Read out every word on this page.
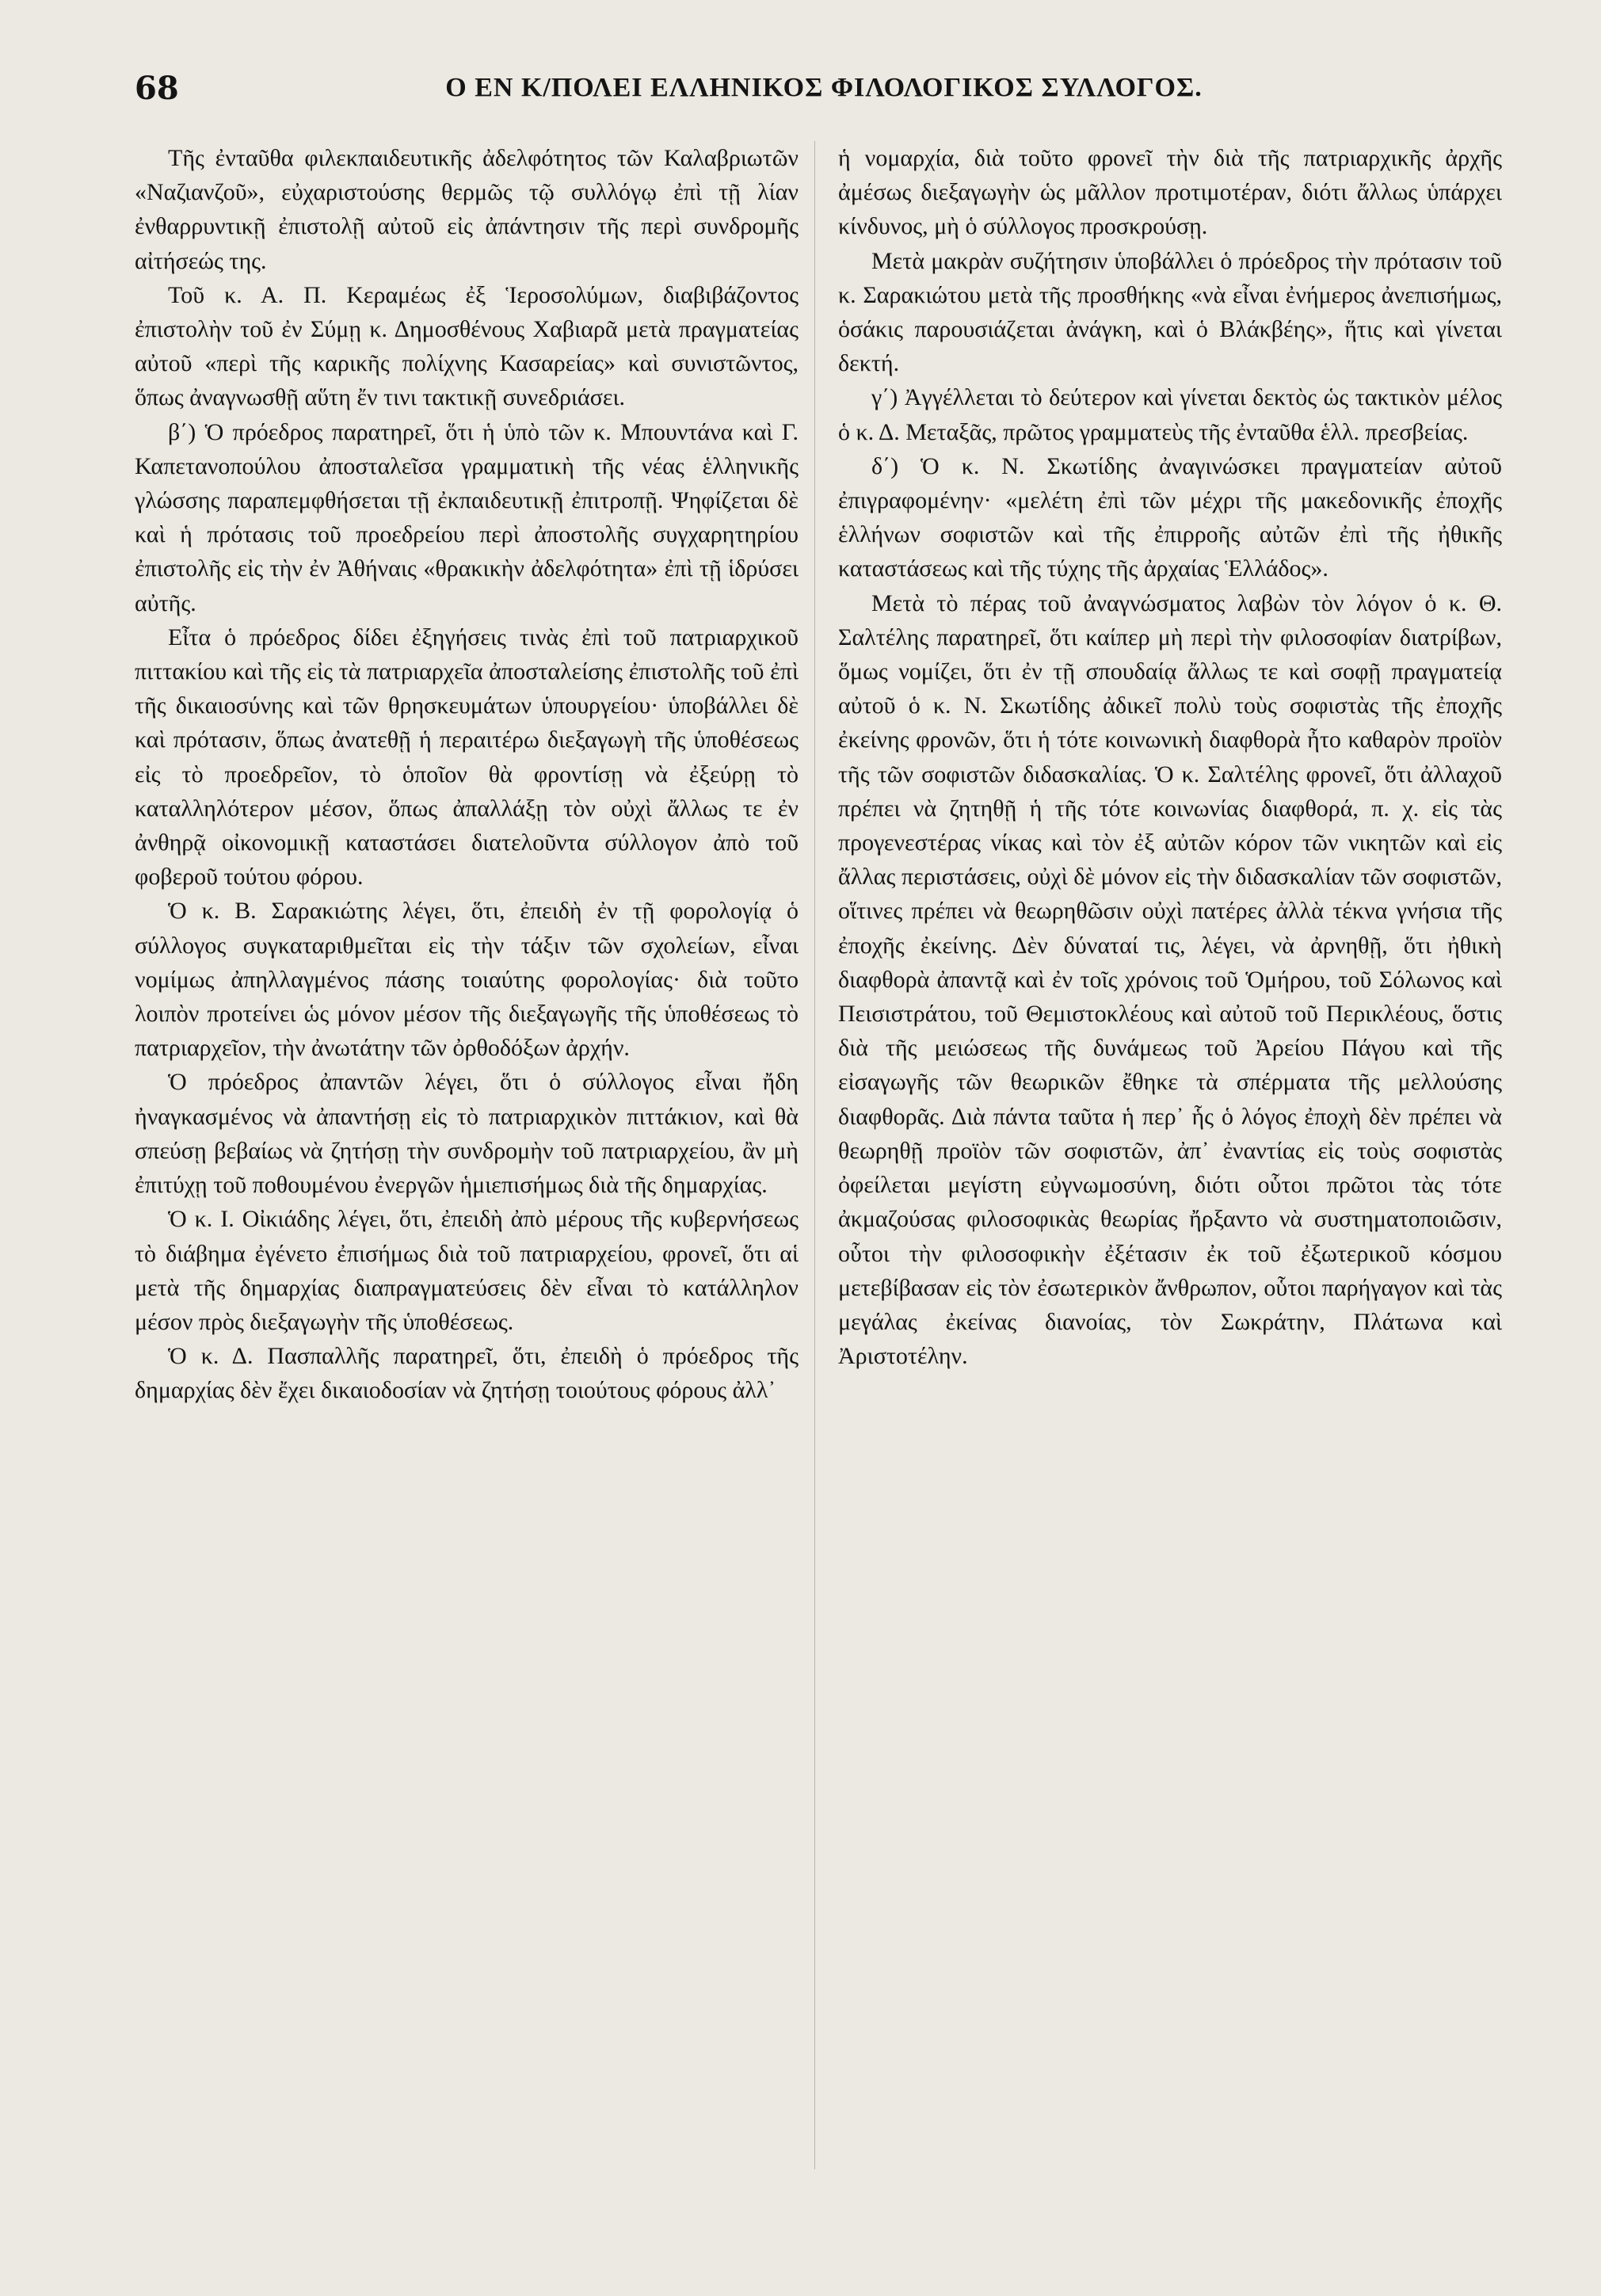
68	Ο ΕΝ Κ/ΠΟΛΕΙ ΕΛΛΗΝΙΚΟΣ ΦΙΛΟΛΟΓΙΚΟΣ ΣΥΛΛΟΓΟΣ.

Τῆς ἐνταῦθα φιλεκπαιδευτικῆς ἀδελφότητος τῶν Καλαβριωτῶν «Ναζιανζοῦ», εὐχαριστούσης θερμῶς τῷ συλλόγῳ ἐπὶ τῇ λίαν ἐνθαρρυντικῇ ἐπιστολῇ αὐτοῦ εἰς ἀπάντησιν τῆς περὶ συνδρομῆς αἰτήσεώς της.

Τοῦ κ. Α. Π. Κεραμέως ἐξ Ἱεροσολύμων, διαβιβάζοντος ἐπιστολὴν τοῦ ἐν Σύμῃ κ. Δημοσθένους Χαβιαρᾶ μετὰ πραγματείας αὐτοῦ «περὶ τῆς καρικῆς πολίχνης Κασαρείας» καὶ συνιστῶντος, ὅπως ἀναγνωσθῇ αὕτη ἔν τινι τακτικῇ συνεδριάσει.

β΄) Ὁ πρόεδρος παρατηρεῖ, ὅτι ἡ ὑπὸ τῶν κ. Μπουντάνα καὶ Γ. Καπετανοπούλου ἀποσταλεῖσα γραμματικὴ τῆς νέας ἑλληνικῆς γλώσσης παραπεμφθήσεται τῇ ἐκπαιδευτικῇ ἐπιτροπῇ. Ψηφίζεται δὲ καὶ ἡ πρότασις τοῦ προεδρείου περὶ ἀποστολῆς συγχαρητηρίου ἐπιστολῆς εἰς τὴν ἐν Ἀθήναις «θρακικὴν ἀδελφότητα» ἐπὶ τῇ ἱδρύσει αὐτῆς.

Εἶτα ὁ πρόεδρος δίδει ἐξηγήσεις τινὰς ἐπὶ τοῦ πατριαρχικοῦ πιττακίου καὶ τῆς εἰς τὰ πατριαρχεῖα ἀποσταλείσης ἐπιστολῆς τοῦ ἐπὶ τῆς δικαιοσύνης καὶ τῶν θρησκευμάτων ὑπουργείου· ὑποβάλλει δὲ καὶ πρότασιν, ὅπως ἀνατεθῇ ἡ περαιτέρω διεξαγωγὴ τῆς ὑποθέσεως εἰς τὸ προεδρεῖον, τὸ ὁποῖον θὰ φροντίσῃ νὰ ἐξεύρῃ τὸ καταλληλότερον μέσον, ὅπως ἀπαλλάξῃ τὸν οὐχὶ ἄλλως τε ἐν ἀνθηρᾷ οἰκονομικῇ καταστάσει διατελοῦντα σύλλογον ἀπὸ τοῦ φοβεροῦ τούτου φόρου.

Ὁ κ. Β. Σαρακιώτης λέγει, ὅτι, ἐπειδὴ ἐν τῇ φορολογίᾳ ὁ σύλλογος συγκαταριθμεῖται εἰς τὴν τάξιν τῶν σχολείων, εἶναι νομίμως ἀπηλλαγμένος πάσης τοιαύτης φορολογίας· διὰ τοῦτο λοιπὸν προτείνει ὡς μόνον μέσον τῆς διεξαγωγῆς τῆς ὑποθέσεως τὸ πατριαρχεῖον, τὴν ἀνωτάτην τῶν ὀρθοδόξων ἀρχήν.

Ὁ πρόεδρος ἀπαντῶν λέγει, ὅτι ὁ σύλλογος εἶναι ἤδη ἠναγκασμένος νὰ ἀπαντήσῃ εἰς τὸ πατριαρχικὸν πιττάκιον, καὶ θὰ σπεύσῃ βεβαίως νὰ ζητήσῃ τὴν συνδρομὴν τοῦ πατριαρχείου, ἂν μὴ ἐπιτύχῃ τοῦ ποθουμένου ἐνεργῶν ἡμιεπισήμως διὰ τῆς δημαρχίας.

Ὁ κ. Ι. Οἰκιάδης λέγει, ὅτι, ἐπειδὴ ἀπὸ μέρους τῆς κυβερνήσεως τὸ διάβημα ἐγένετο ἐπισήμως διὰ τοῦ πατριαρχείου, φρονεῖ, ὅτι αἱ μετὰ τῆς δημαρχίας διαπραγματεύσεις δὲν εἶναι τὸ κατάλληλον μέσον πρὸς διεξαγωγὴν τῆς ὑποθέσεως.

Ὁ κ. Δ. Πασπαλλῆς παρατηρεῖ, ὅτι, ἐπειδὴ ὁ πρόεδρος τῆς δημαρχίας δὲν ἔχει δικαιοδοσίαν νὰ ζητήσῃ τοιούτους φόρους ἀλλ᾽

ἡ νομαρχία, διὰ τοῦτο φρονεῖ τὴν διὰ τῆς πατριαρχικῆς ἀρχῆς ἀμέσως διεξαγωγὴν ὡς μᾶλλον προτιμοτέραν, διότι ἄλλως ὑπάρχει κίνδυνος, μὴ ὁ σύλλογος προσκρούσῃ.

Μετὰ μακρὰν συζήτησιν ὑποβάλλει ὁ πρόεδρος τὴν πρότασιν τοῦ κ. Σαρακιώτου μετὰ τῆς προσθήκης «νὰ εἶναι ἐνήμερος ἀνεπισήμως, ὁσάκις παρουσιάζεται ἀνάγκη, καὶ ὁ Βλάκβέης», ἥτις καὶ γίνεται δεκτή.

γ΄) Ἀγγέλλεται τὸ δεύτερον καὶ γίνεται δεκτὸς ὡς τακτικὸν μέλος ὁ κ. Δ. Μεταξᾶς, πρῶτος γραμματεὺς τῆς ἐνταῦθα ἑλλ. πρεσβείας.

δ΄) Ὁ κ. Ν. Σκωτίδης ἀναγινώσκει πραγματείαν αὐτοῦ ἐπιγραφομένην· «μελέτη ἐπὶ τῶν μέχρι τῆς μακεδονικῆς ἐποχῆς ἑλλήνων σοφιστῶν καὶ τῆς ἐπιρροῆς αὐτῶν ἐπὶ τῆς ἠθικῆς καταστάσεως καὶ τῆς τύχης τῆς ἀρχαίας Ἑλλάδος».

Μετὰ τὸ πέρας τοῦ ἀναγνώσματος λαβὼν τὸν λόγον ὁ κ. Θ. Σαλτέλης παρατηρεῖ, ὅτι καίπερ μὴ περὶ τὴν φιλοσοφίαν διατρίβων, ὅμως νομίζει, ὅτι ἐν τῇ σπουδαίᾳ ἄλλως τε καὶ σοφῇ πραγματείᾳ αὐτοῦ ὁ κ. Ν. Σκωτίδης ἀδικεῖ πολὺ τοὺς σοφιστὰς τῆς ἐποχῆς ἐκείνης φρονῶν, ὅτι ἡ τότε κοινωνικὴ διαφθορὰ ἦτο καθαρὸν προϊὸν τῆς τῶν σοφιστῶν διδασκαλίας. Ὁ κ. Σαλτέλης φρονεῖ, ὅτι ἀλλαχοῦ πρέπει νὰ ζητηθῇ ἡ τῆς τότε κοινωνίας διαφθορά, π. χ. εἰς τὰς προγενεστέρας νίκας καὶ τὸν ἐξ αὐτῶν κόρον τῶν νικητῶν καὶ εἰς ἄλλας περιστάσεις, οὐχὶ δὲ μόνον εἰς τὴν διδασκαλίαν τῶν σοφιστῶν, οἵτινες πρέπει νὰ θεωρηθῶσιν οὐχὶ πατέρες ἀλλὰ τέκνα γνήσια τῆς ἐποχῆς ἐκείνης. Δὲν δύναταί τις, λέγει, νὰ ἀρνηθῇ, ὅτι ἠθικὴ διαφθορὰ ἀπαντᾷ καὶ ἐν τοῖς χρόνοις τοῦ Ὁμήρου, τοῦ Σόλωνος καὶ Πεισιστράτου, τοῦ Θεμιστοκλέους καὶ αὐτοῦ τοῦ Περικλέους, ὅστις διὰ τῆς μειώσεως τῆς δυνάμεως τοῦ Ἀρείου Πάγου καὶ τῆς εἰσαγωγῆς τῶν θεωρικῶν ἔθηκε τὰ σπέρματα τῆς μελλούσης διαφθορᾶς. Διὰ πάντα ταῦτα ἡ περ᾽ ἧς ὁ λόγος ἐποχὴ δὲν πρέπει νὰ θεωρηθῇ προϊὸν τῶν σοφιστῶν, ἀπ᾽ ἐναντίας εἰς τοὺς σοφιστὰς ὀφείλεται μεγίστη εὐγνωμοσύνη, διότι οὗτοι πρῶτοι τὰς τότε ἀκμαζούσας φιλοσοφικὰς θεωρίας ἤρξαντο νὰ συστηματοποιῶσιν, οὗτοι τὴν φιλοσοφικὴν ἐξέτασιν ἐκ τοῦ ἐξωτερικοῦ κόσμου μετεβίβασαν εἰς τὸν ἐσωτερικὸν ἄνθρωπον, οὗτοι παρήγαγον καὶ τὰς μεγάλας ἐκείνας διανοίας, τὸν Σωκράτην, Πλάτωνα καὶ Ἀριστοτέλην.
